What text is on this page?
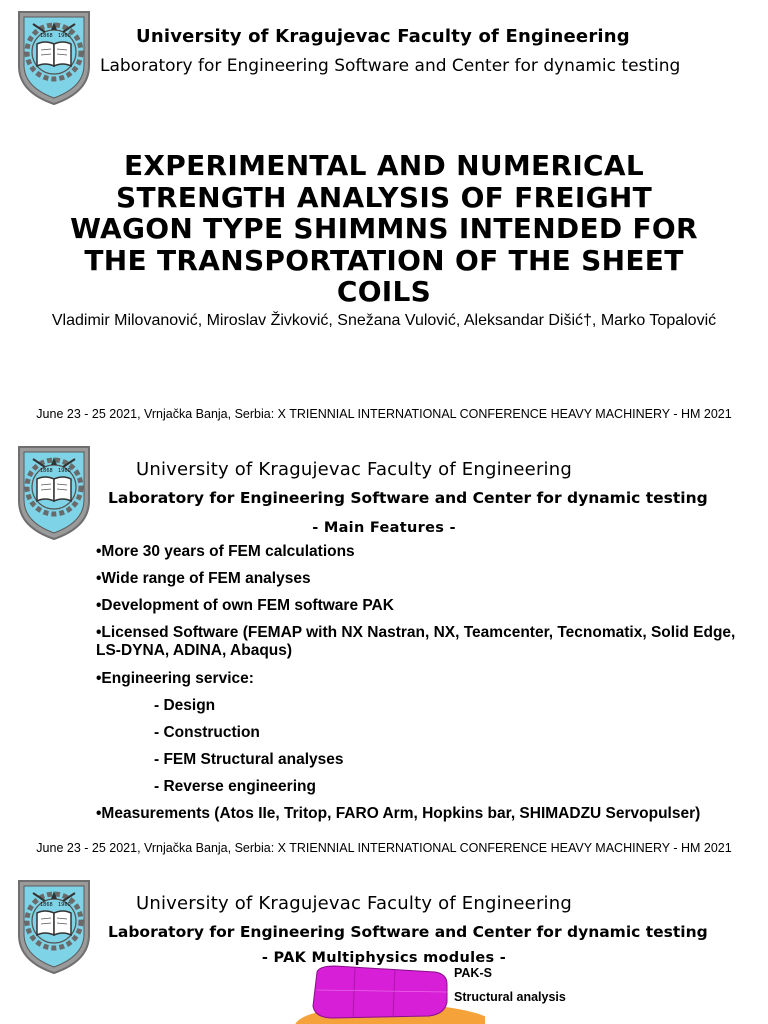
1868 1960	University of Kragujevac Faculty of Engineering

Laboratory for Engineering Software and Center for dynamic testing

EXPERIMENTAL AND NUMERICAL STRENGTH ANALYSIS OF FREIGHT WAGON TYPE SHIMMNS INTENDED FOR THE TRANSPORTATION OF THE SHEET COILS

Vladimir Milovanović, Miroslav Živković, Snežana Vulović, Aleksandar Dišić†, Marko Topalović

June 23 - 25 2021, Vrnjačka Banja, Serbia: X TRIENNIAL INTERNATIONAL CONFERENCE HEAVY MACHINERY - HM 2021

1868 1960	University of Kragujevac Faculty of Engineering

Laboratory for Engineering Software and Center for dynamic testing

- Main Features -

•More 30 years of FEM calculations

•Wide range of FEM analyses

•Development of own FEM software PAK

•Licensed Software (FEMAP with NX Nastran, NX, Teamcenter, Tecnomatix, Solid Edge, LS-DYNA, ADINA, Abaqus)

•Engineering service:

- Design

- Construction

- FEM Structural analyses

- Reverse engineering

•Measurements (Atos IIe, Tritop, FARO Arm, Hopkins bar, SHIMADZU Servopulser)

June 23 - 25 2021, Vrnjačka Banja, Serbia: X TRIENNIAL INTERNATIONAL CONFERENCE HEAVY MACHINERY - HM 2021

1868 1960	University of Kragujevac Faculty of Engineering

Laboratory for Engineering Software and Center for dynamic testing

- PAK Multiphysics modules -

PAK-S

Structural analysis
